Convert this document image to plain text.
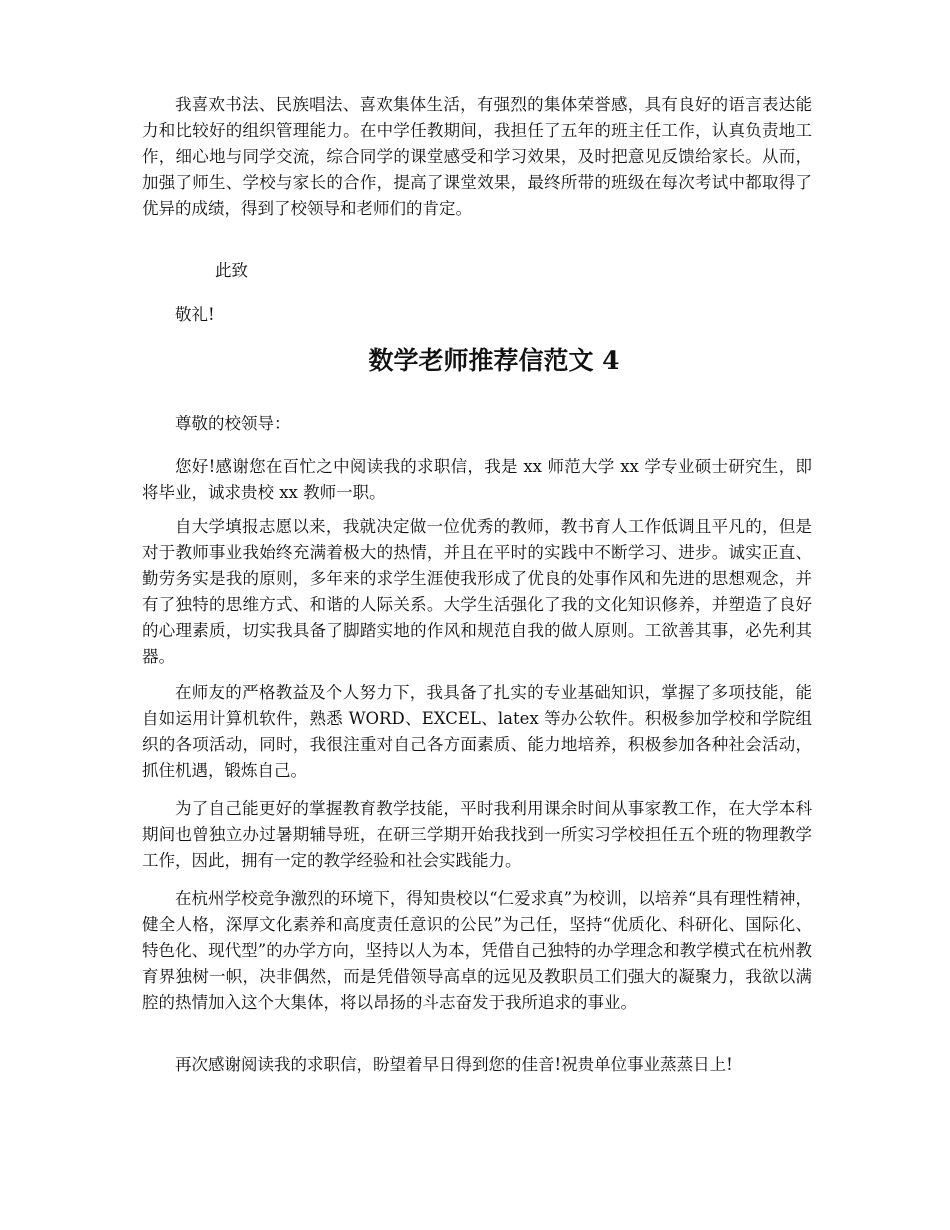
我喜欢书法、民族唱法、喜欢集体生活，有强烈的集体荣誉感，具有良好的语言表达能力和比较好的组织管理能力。在中学任教期间，我担任了五年的班主任工作，认真负责地工作，细心地与同学交流，综合同学的课堂感受和学习效果，及时把意见反馈给家长。从而，加强了师生、学校与家长的合作，提高了课堂效果，最终所带的班级在每次考试中都取得了优异的成绩，得到了校领导和老师们的肯定。

此致

敬礼!

数学老师推荐信范文 4

尊敬的校领导：

您好!感谢您在百忙之中阅读我的求职信，我是 xx 师范大学 xx 学专业硕士研究生，即将毕业，诚求贵校 xx 教师一职。

自大学填报志愿以来，我就决定做一位优秀的教师，教书育人工作低调且平凡的，但是对于教师事业我始终充满着极大的热情，并且在平时的实践中不断学习、进步。诚实正直、勤劳务实是我的原则，多年来的求学生涯使我形成了优良的处事作风和先进的思想观念，并有了独特的思维方式、和谐的人际关系。大学生活强化了我的文化知识修养，并塑造了良好的心理素质，切实我具备了脚踏实地的作风和规范自我的做人原则。工欲善其事，必先利其器。

在师友的严格教益及个人努力下，我具备了扎实的专业基础知识，掌握了多项技能，能自如运用计算机软件，熟悉 WORD、EXCEL、latex 等办公软件。积极参加学校和学院组织的各项活动，同时，我很注重对自己各方面素质、能力地培养，积极参加各种社会活动，抓住机遇，锻炼自己。

为了自己能更好的掌握教育教学技能，平时我利用课余时间从事家教工作，在大学本科期间也曾独立办过暑期辅导班，在研三学期开始我找到一所实习学校担任五个班的物理教学工作，因此，拥有一定的教学经验和社会实践能力。

在杭州学校竞争激烈的环境下，得知贵校以“仁爱求真”为校训，以培养“具有理性精神，健全人格，深厚文化素养和高度责任意识的公民”为己任，坚持“优质化、科研化、国际化、特色化、现代型”的办学方向，坚持以人为本，凭借自己独特的办学理念和教学模式在杭州教育界独树一帜，决非偶然，而是凭借领导高卓的远见及教职员工们强大的凝聚力，我欲以满腔的热情加入这个大集体，将以昂扬的斗志奋发于我所追求的事业。

再次感谢阅读我的求职信，盼望着早日得到您的佳音!祝贵单位事业蒸蒸日上!
